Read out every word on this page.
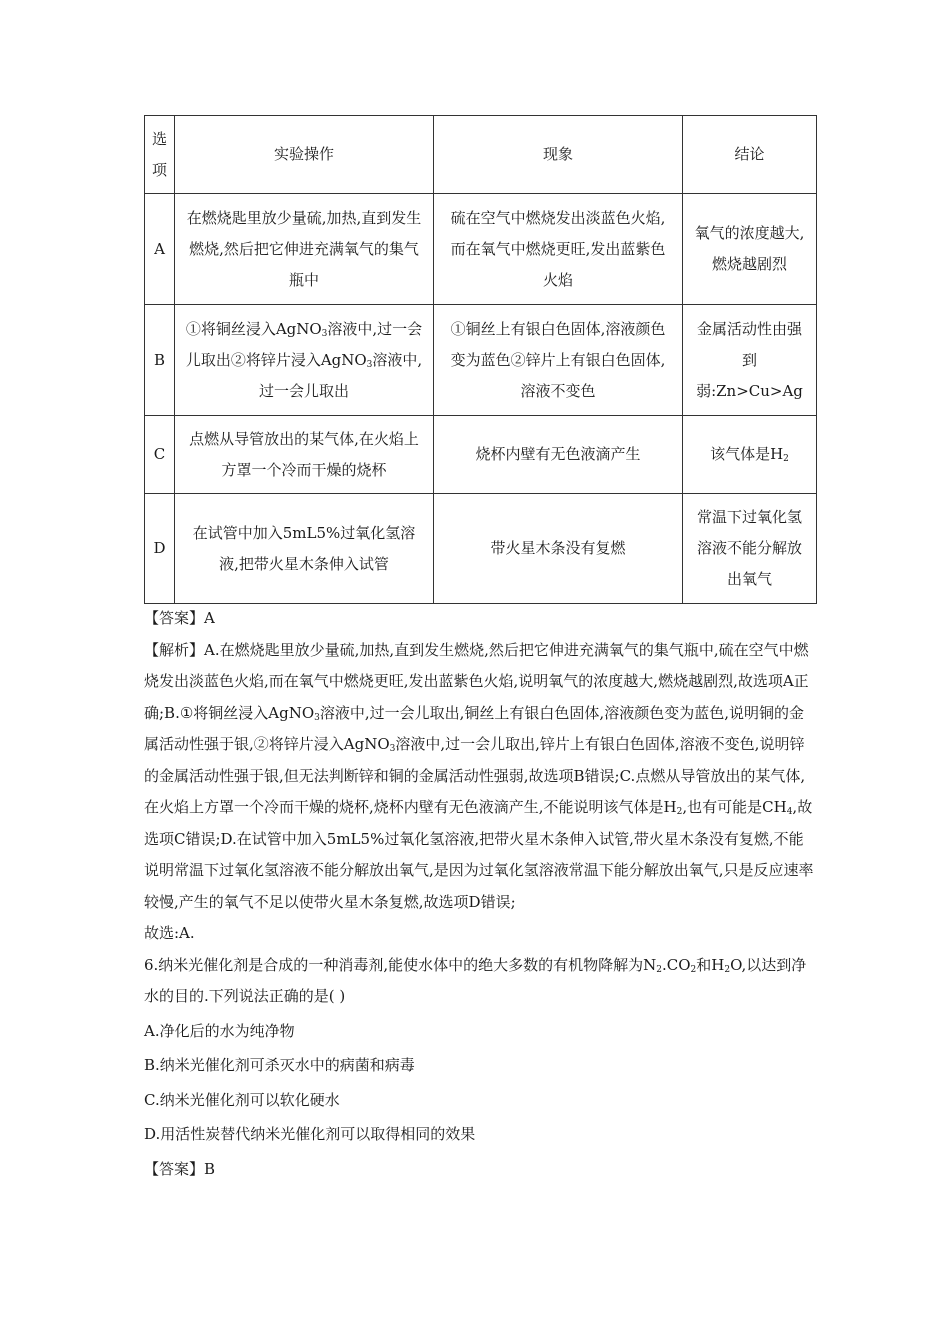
选项	实验操作	现象	结论
A	在燃烧匙里放少量硫,加热,直到发生燃烧,然后把它伸进充满氧气的集气瓶中	硫在空气中燃烧发出淡蓝色火焰,而在氧气中燃烧更旺,发出蓝紫色火焰	氧气的浓度越大,燃烧越剧烈
B	①将铜丝浸入AgNO$_3$溶液中,过一会儿取出②将锌片浸入AgNO$_3$溶液中,过一会儿取出	①铜丝上有银白色固体,溶液颜色变为蓝色②锌片上有银白色固体,溶液不变色	金属活动性由强到弱:Zn>Cu>Ag
C	点燃从导管放出的某气体,在火焰上方罩一个冷而干燥的烧杯	烧杯内壁有无色液滴产生	该气体是$H_2$
D	在试管中加入5mL5%过氧化氢溶液,把带火星木条伸入试管	带火星木条没有复燃	常温下过氧化氢溶液不能分解放出氧气

【答案】A

【解析】A.在燃烧匙里放少量硫,加热,直到发生燃烧,然后把它伸进充满氧气的集气瓶中,硫在空气中燃烧发出淡蓝色火焰,而在氧气中燃烧更旺,发出蓝紫色火焰,说明氧气的浓度越大,燃烧越剧烈,故选项A正确;B.①将铜丝浸入AgNO$_3$溶液中,过一会儿取出,铜丝上有银白色固体,溶液颜色变为蓝色,说明铜的金属活动性强于银,②将锌片浸入AgNO$_3$溶液中,过一会儿取出,锌片上有银白色固体,溶液不变色,说明锌的金属活动性强于银,但无法判断锌和铜的金属活动性强弱,故选项B错误;C.点燃从导管放出的某气体,在火焰上方罩一个冷而干燥的烧杯,烧杯内壁有无色液滴产生,不能说明该气体是$H_2$,也有可能是$CH_4$,故选项C错误;D.在试管中加入5mL5%过氧化氢溶液,把带火星木条伸入试管,带火星木条没有复燃,不能说明常温下过氧化氢溶液不能分解放出氧气,是因为过氧化氢溶液常温下能分解放出氧气,只是反应速率较慢,产生的氧气不足以使带火星木条复燃,故选项D错误;

故选:A.

6.纳米光催化剂是合成的一种消毒剂,能使水体中的绝大多数的有机物降解为$N_2.CO_2$和$H_2O$,以达到净水的目的.下列说法正确的是( )

A.净化后的水为纯净物

B.纳米光催化剂可杀灭水中的病菌和病毒

C.纳米光催化剂可以软化硬水

D.用活性炭替代纳米光催化剂可以取得相同的效果

【答案】B
